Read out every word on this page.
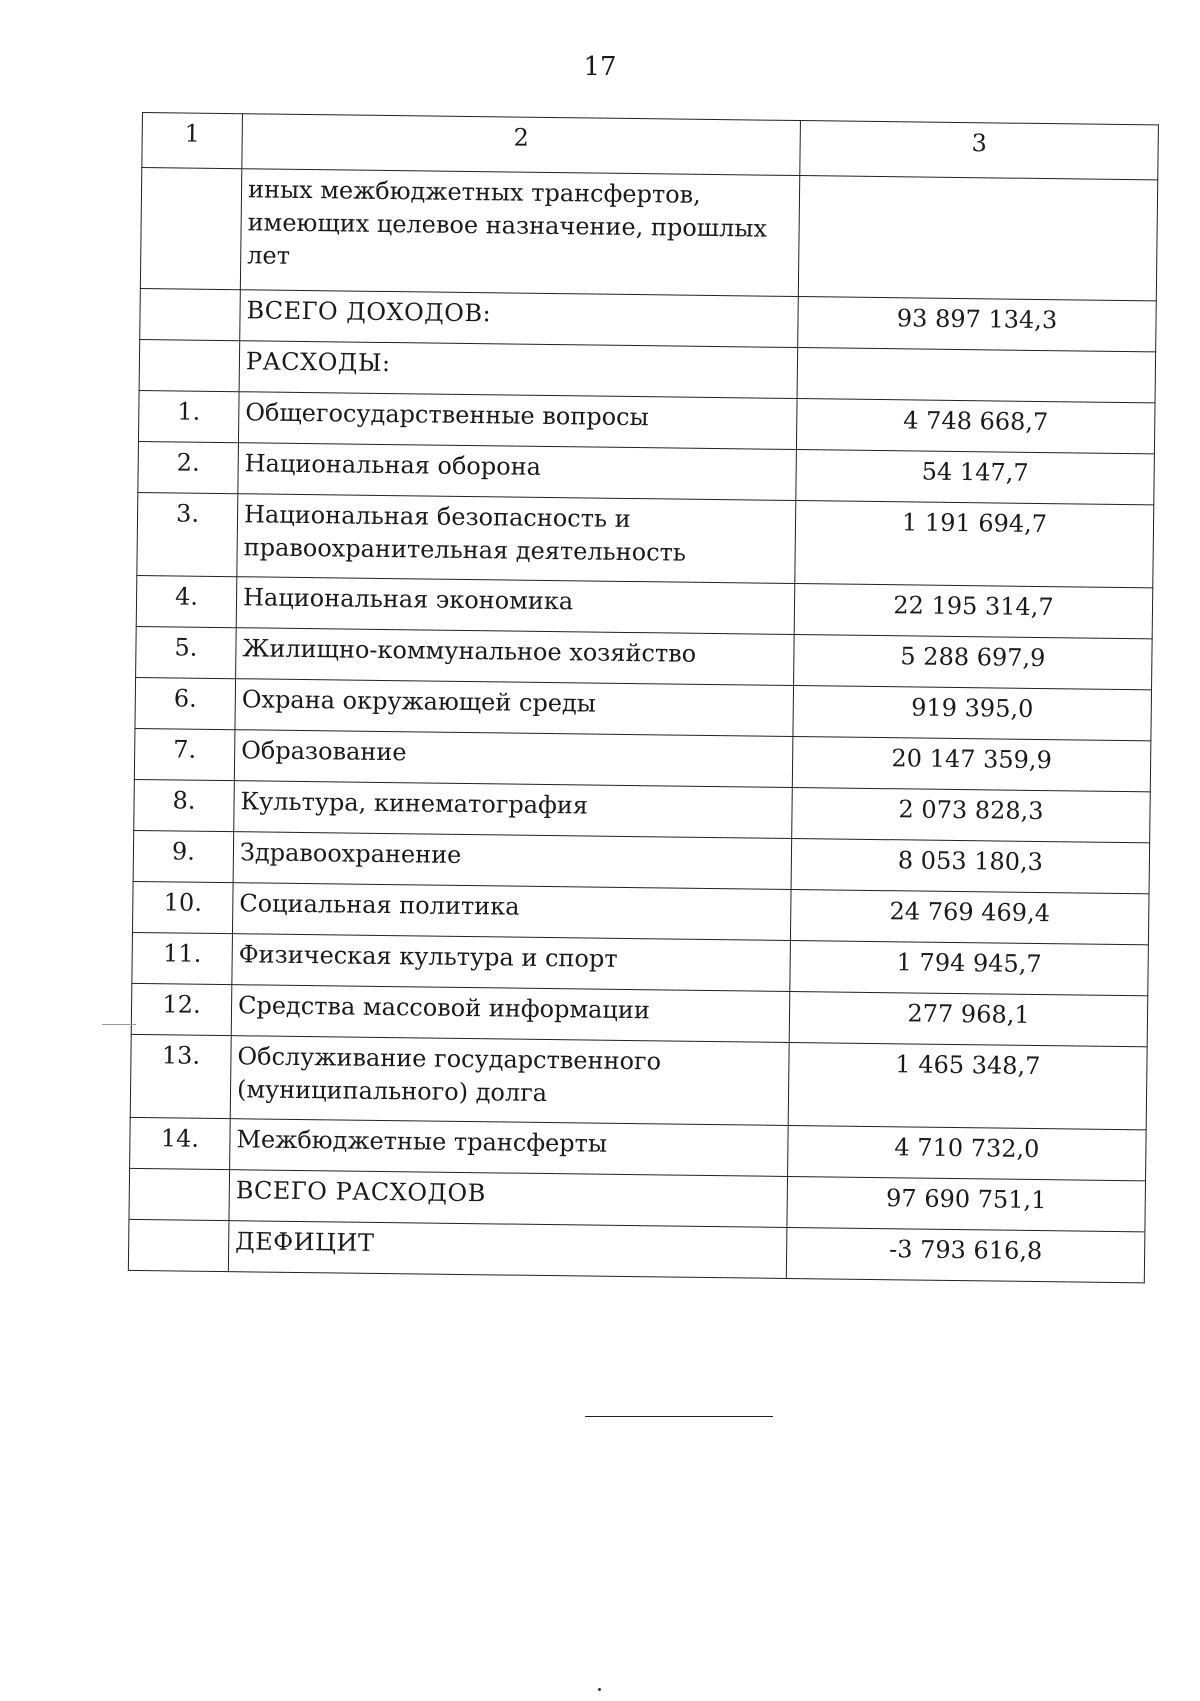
17
1	2	3
	иных межбюджетных трансфертов, имеющих целевое назначение, прошлых лет	
	ВСЕГО ДОХОДОВ:	93 897 134,3
	РАСХОДЫ:	
1.	Общегосударственные вопросы	4 748 668,7
2.	Национальная оборона	54 147,7
3.	Национальная безопасность и правоохранительная деятельность	1 191 694,7
4.	Национальная экономика	22 195 314,7
5.	Жилищно-коммунальное хозяйство	5 288 697,9
6.	Охрана окружающей среды	919 395,0
7.	Образование	20 147 359,9
8.	Культура, кинематография	2 073 828,3
9.	Здравоохранение	8 053 180,3
10.	Социальная политика	24 769 469,4
11.	Физическая культура и спорт	1 794 945,7
12.	Средства массовой информации	277 968,1
13.	Обслуживание государственного (муниципального) долга	1 465 348,7
14.	Межбюджетные трансферты	4 710 732,0
	ВСЕГО РАСХОДОВ	97 690 751,1
	ДЕФИЦИТ	-3 793 616,8
